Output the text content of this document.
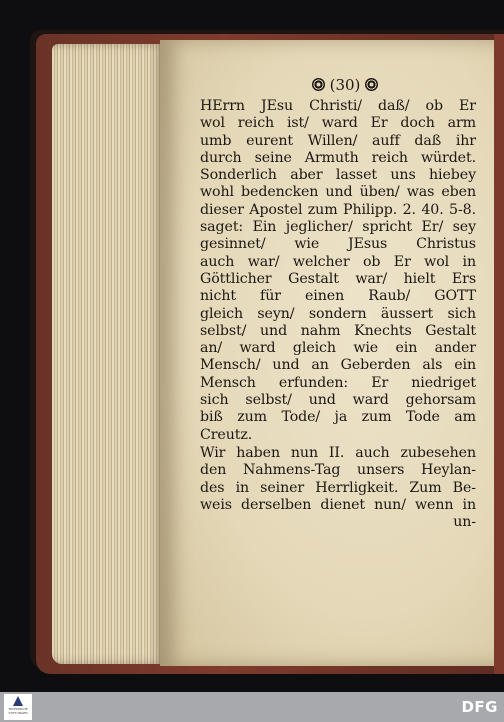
(30)
HErrn JEsu Christi/ daß/ ob Er
wol reich ist/ ward Er doch arm
umb eurent Willen/ auff daß ihr
durch seine Armuth reich würdet.
Sonderlich aber lasset uns hiebey
wohl bedencken und üben/ was eben
dieser Apostel zum Philipp. 2. 40. 5-8.
saget: Ein jeglicher/ spricht Er/ sey
gesinnet/ wie JEsus Christus
auch war/ welcher ob Er wol in
Göttlicher Gestalt war/ hielt Ers
nicht für einen Raub/ GOTT
gleich seyn/ sondern äussert sich
selbst/ und nahm Knechts Gestalt
an/ ward gleich wie ein ander
Mensch/ und an Geberden als ein
Mensch erfunden: Er niedriget
sich selbst/ und ward gehorsam
biß zum Tode/ ja zum Tode am
Creutz.
Wir haben nun II. auch zubesehen
den Nahmens-Tag unsers Heylan-
des in seiner Herrligkeit. Zum Be-
weis derselben dienet nun/ wenn in
un-
TECHNISCHE STIFTUNGEN	DFG
